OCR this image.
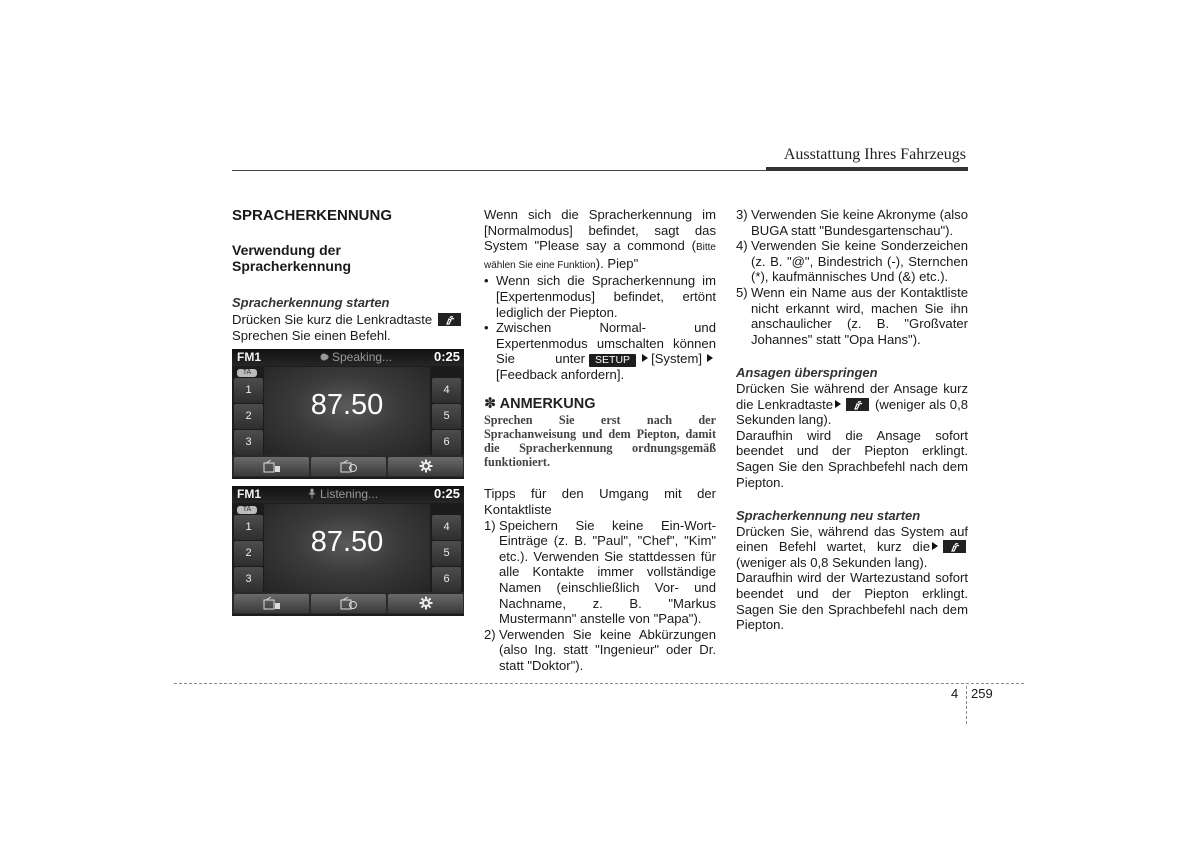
Ausstattung Ihres Fahrzeugs
SPRACHERKENNUNG
Verwendung der
Spracherkennung
Spracherkennung starten
Drücken Sie kurz die Lenkradtaste
Sprechen Sie einen Befehl.
FM1	Speaking...	0:25
TA
87.50
1
2
3
4
5
6
FM1	Listening...	0:25
TA
87.50
1
2
3
4
5
6
Wenn sich die Spracherkennung im [Normalmodus] befindet, sagt das System "Please say a commond (Bitte wählen Sie eine Funktion). Piep"
• Wenn sich die Spracherkennung im [Expertenmodus] befindet, ertönt lediglich der Piepton.
• Zwischen Normal- und Expertenmodus umschalten können Sie unter SETUP [System] [Feedback anfordern].
✽ ANMERKUNG
Sprechen Sie erst nach der Sprachanweisung und dem Piepton, damit die Spracherkennung ordnungsgemäß funktioniert.
Tipps für den Umgang mit der Kontaktliste
1) Speichern Sie keine Ein-Wort-Einträge (z. B. "Paul", "Chef", "Kim" etc.). Verwenden Sie stattdessen für alle Kontakte immer vollständige Namen (einschließlich Vor- und Nachname, z. B. "Markus Mustermann" anstelle von "Papa").
2) Verwenden Sie keine Abkürzungen (also Ing. statt "Ingenieur" oder Dr. statt "Doktor").
3) Verwenden Sie keine Akronyme (also BUGA statt "Bundesgartenschau").
4) Verwenden Sie keine Sonderzeichen (z. B. "@", Bindestrich (-), Sternchen (*), kaufmännisches Und (&) etc.).
5) Wenn ein Name aus der Kontaktliste nicht erkannt wird, machen Sie ihn anschaulicher (z. B. "Großvater Johannes" statt "Opa Hans").
Ansagen überspringen
Drücken Sie während der Ansage kurz die Lenkradtaste	(weniger als 0,8 Sekunden lang).
Daraufhin wird die Ansage sofort beendet und der Piepton erklingt. Sagen Sie den Sprachbefehl nach dem Piepton.
Spracherkennung neu starten
Drücken Sie, während das System auf einen Befehl wartet, kurz die
(weniger als 0,8 Sekunden lang).
Daraufhin wird der Wartezustand sofort beendet und der Piepton erklingt. Sagen Sie den Sprachbefehl nach dem Piepton.
4 259
